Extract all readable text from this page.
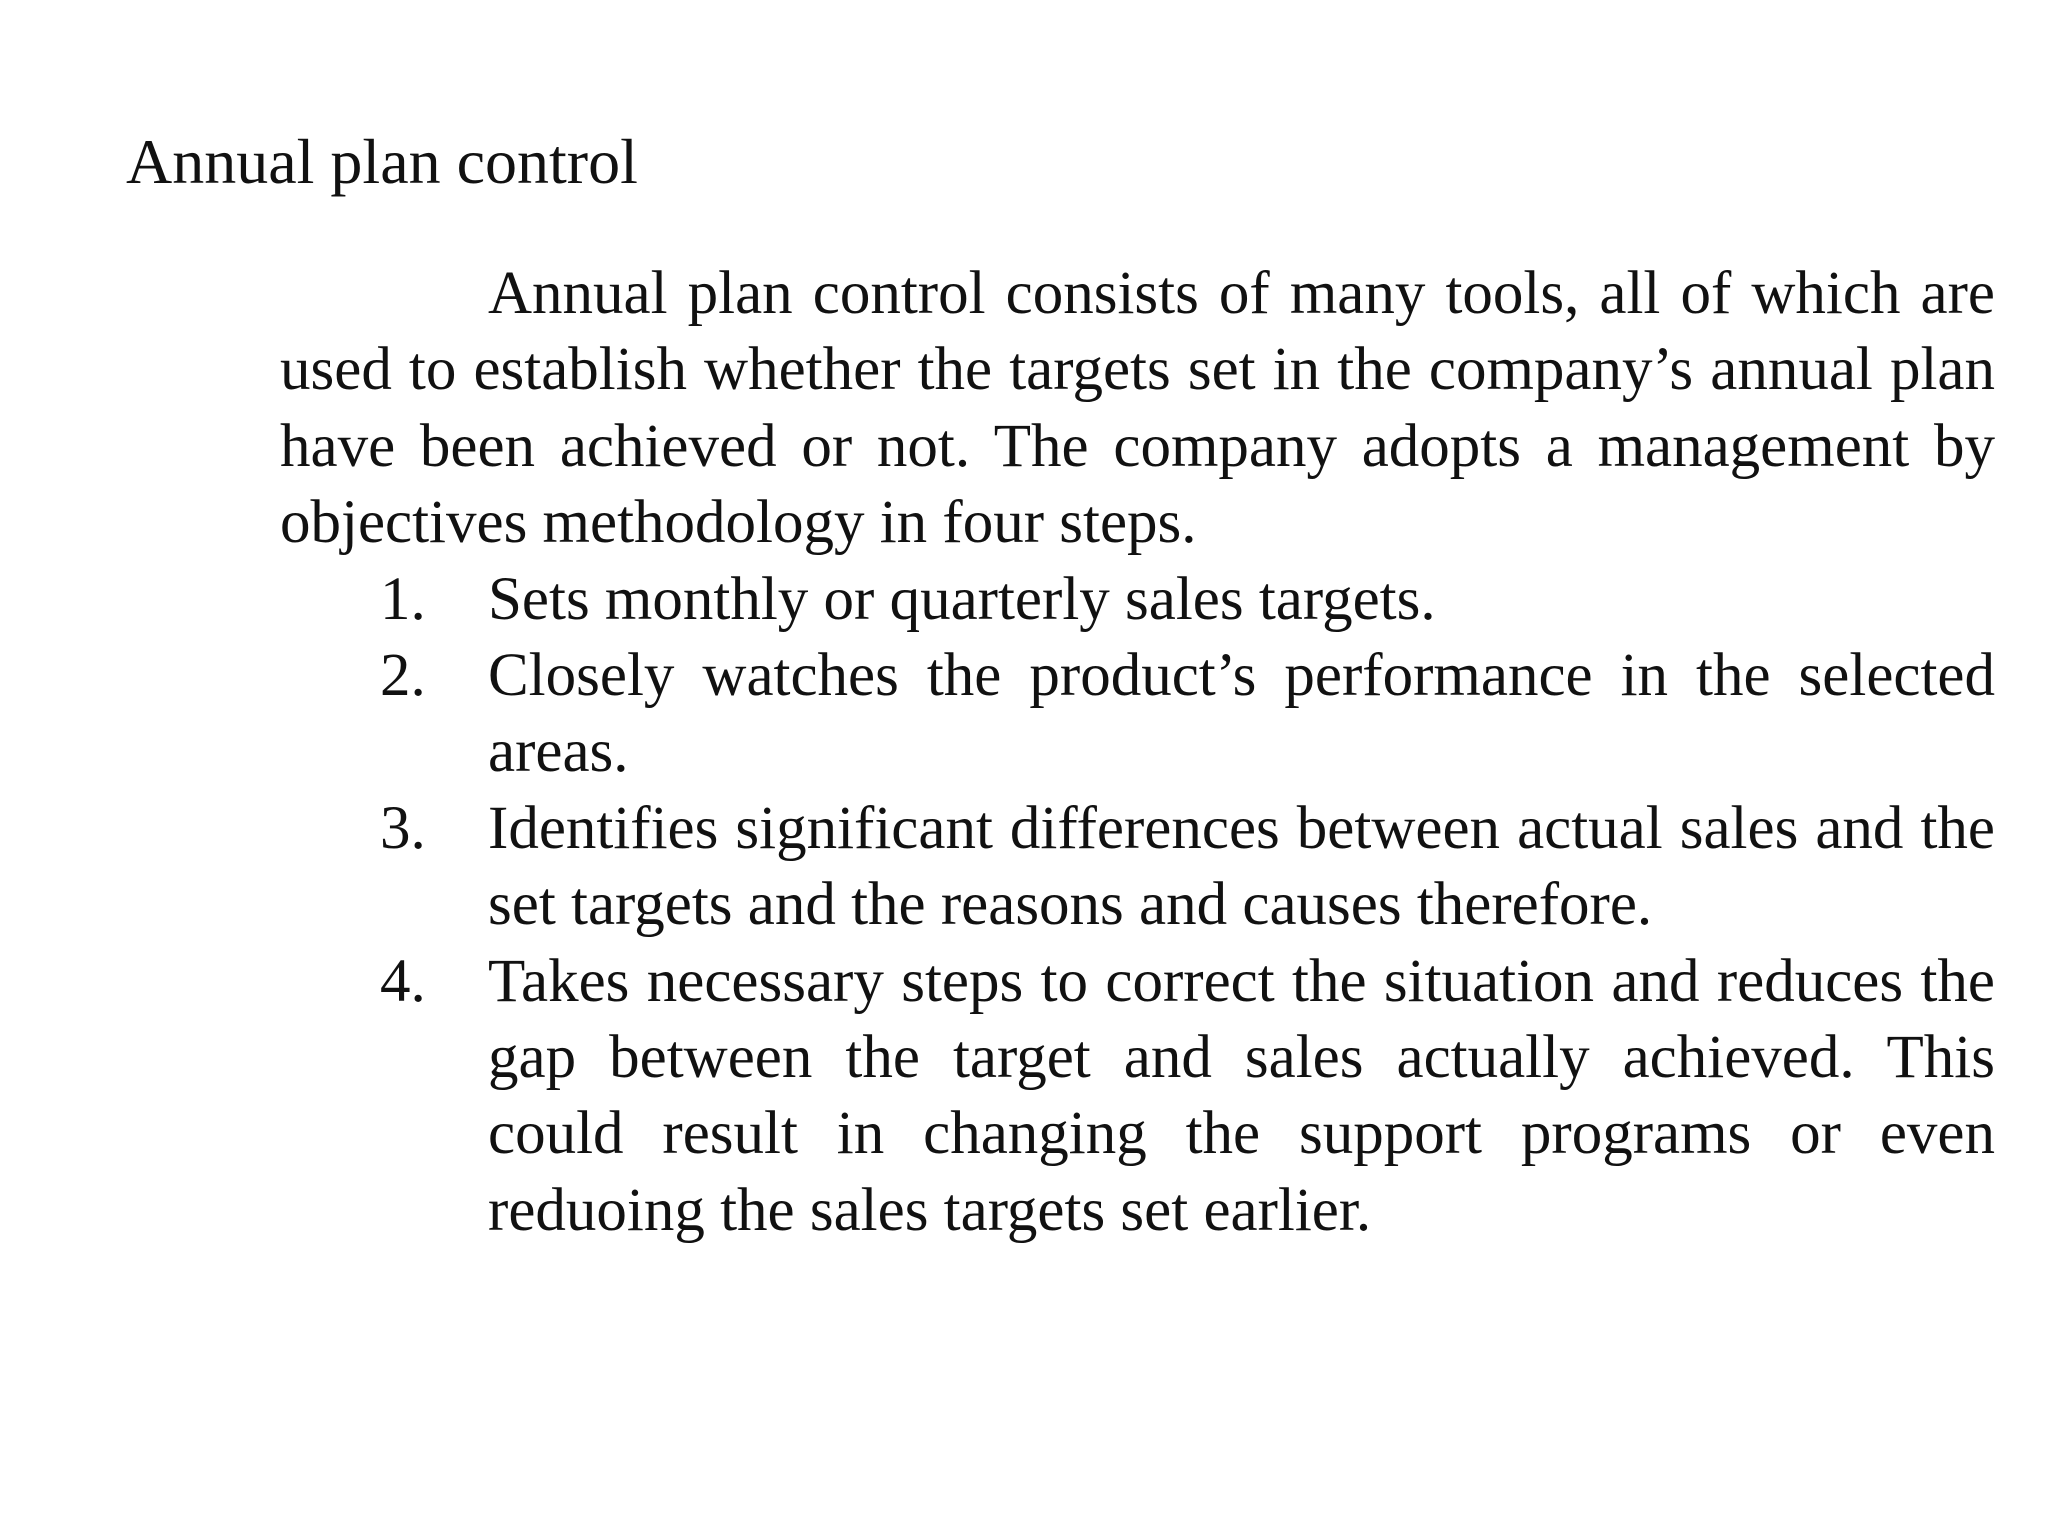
Annual plan control

Annual plan control consists of many tools, all of which are used to establish whether the targets set in the company’s annual plan have been achieved or not. The company adopts a management by objectives methodology in four steps.

1. Sets monthly or quarterly sales targets.
2. Closely watches the product’s performance in the selected areas.
3. Identifies significant differences between actual sales and the set targets and the reasons and causes therefore.
4. Takes necessary steps to correct the situation and reduces the gap between the target and sales actually achieved. This could result in changing the support programs or even reduoing the sales targets set earlier.
